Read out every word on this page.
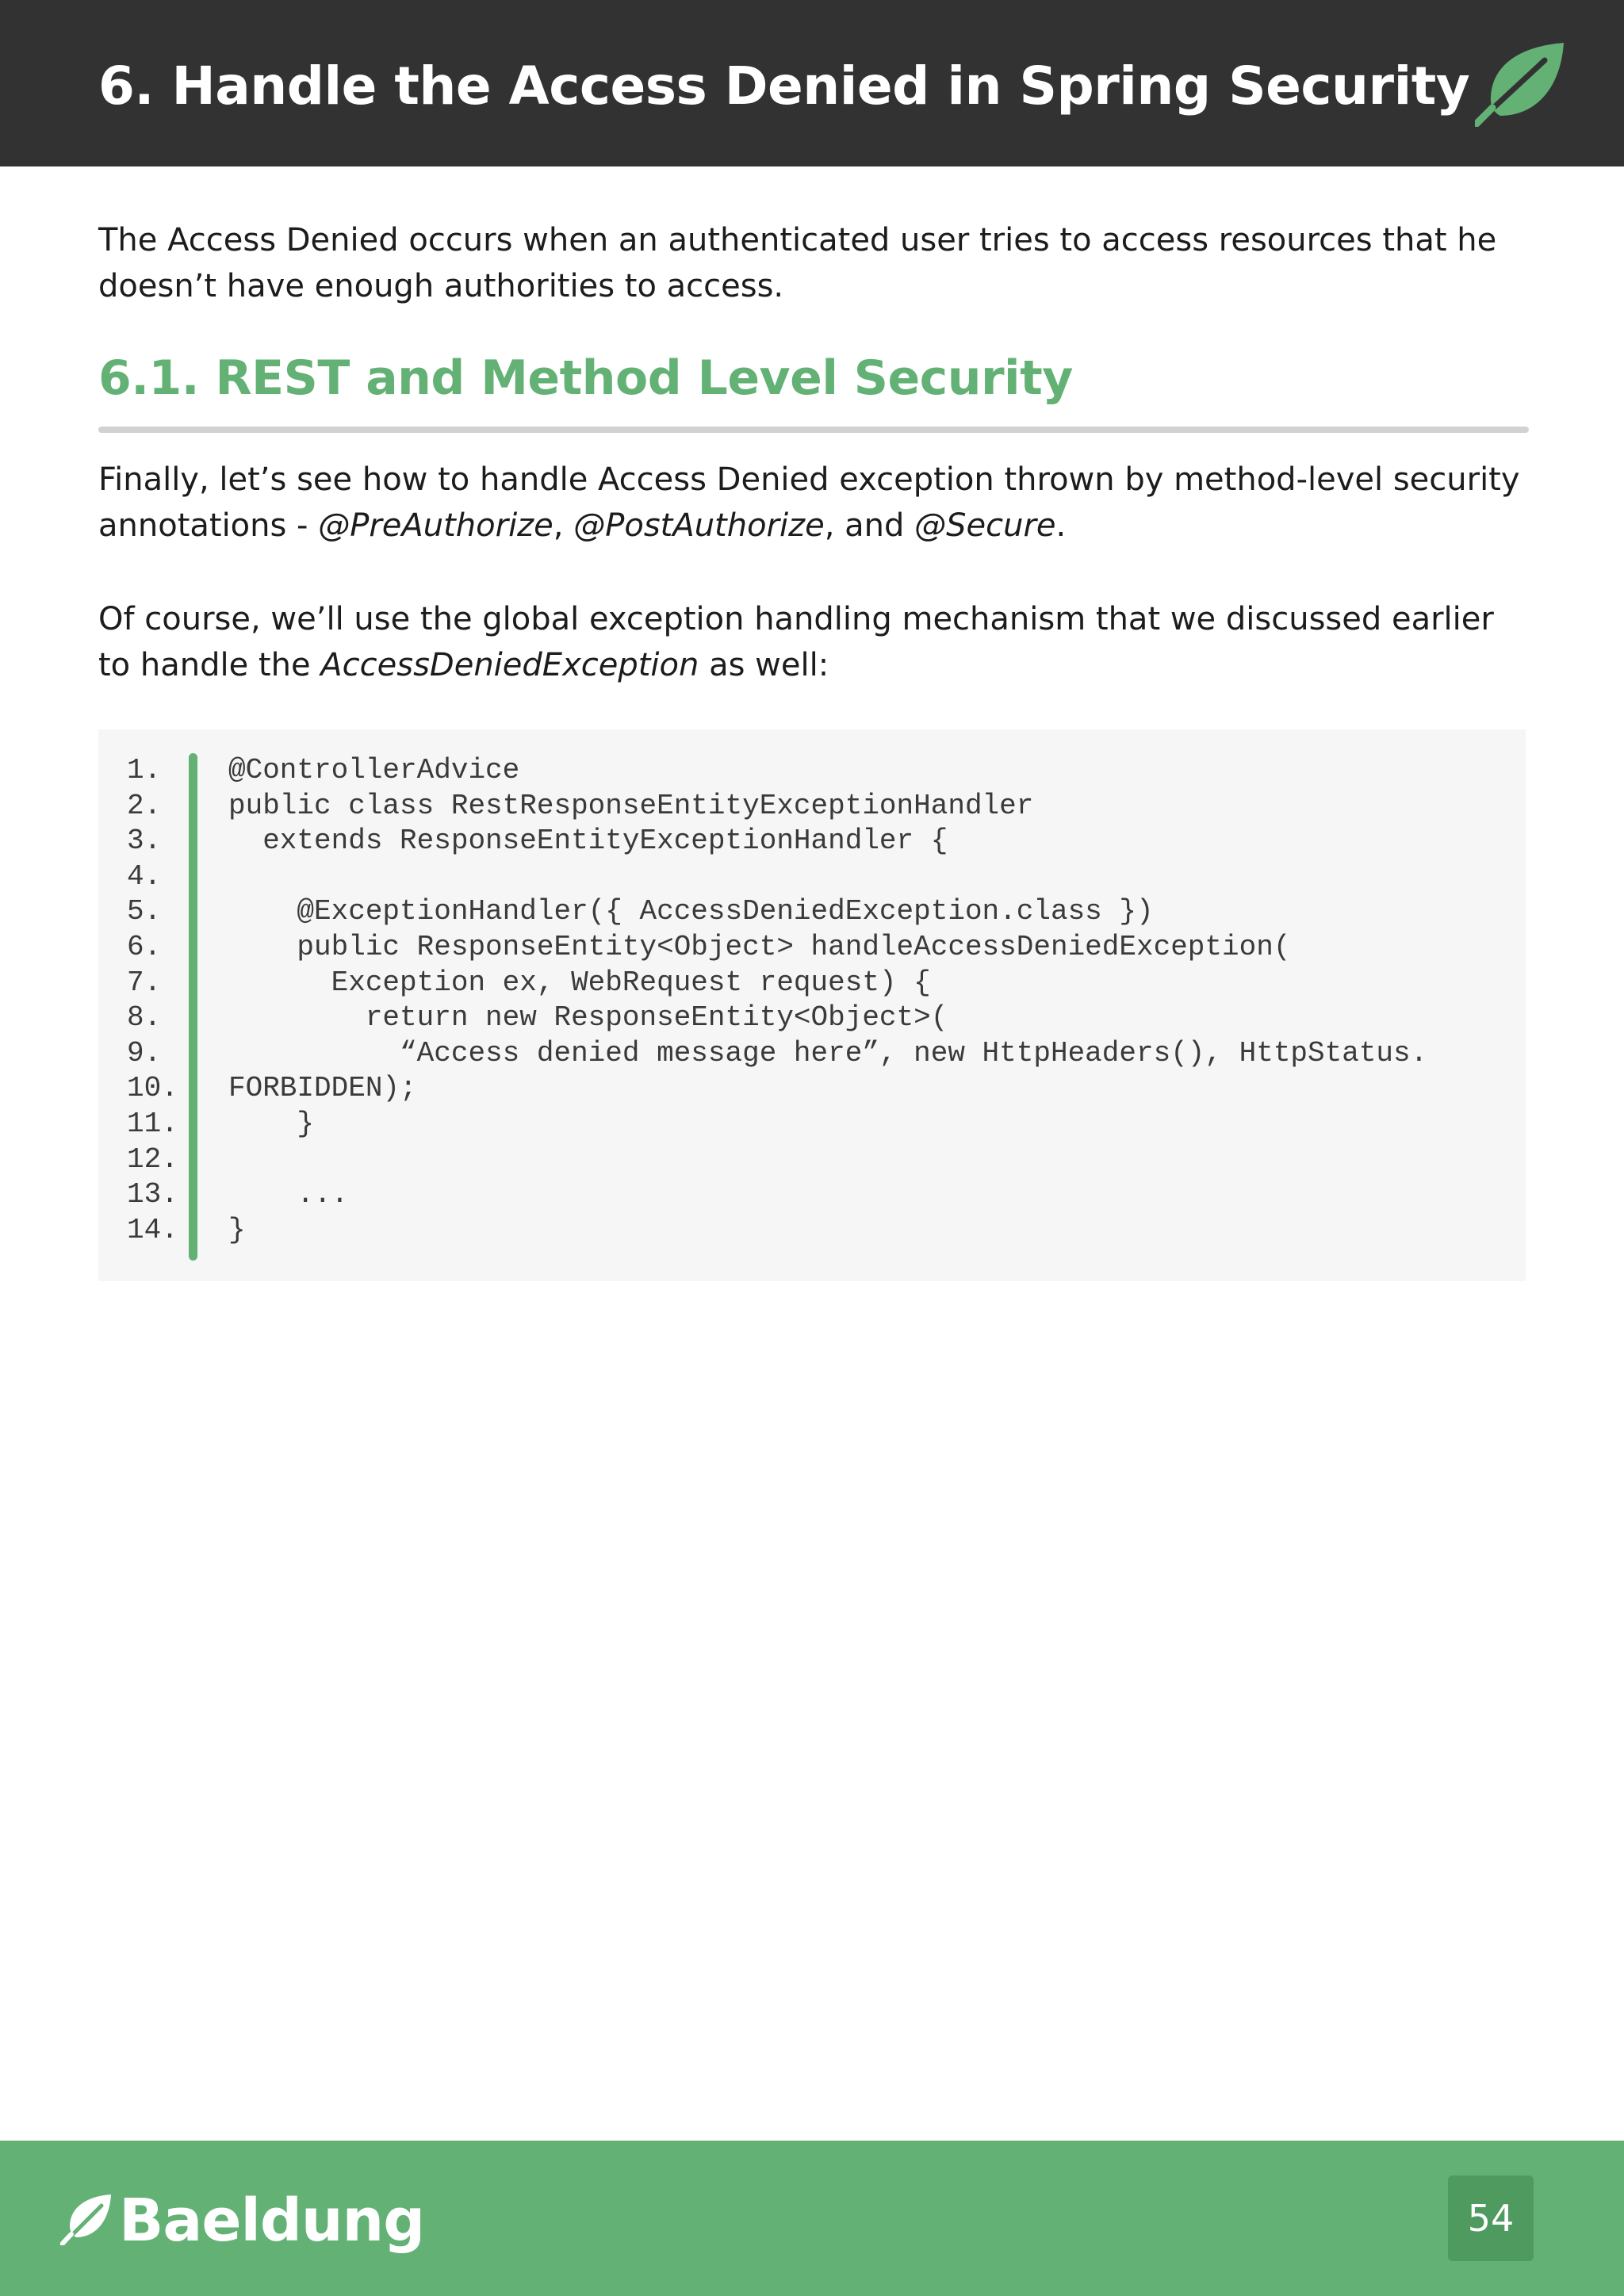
6. Handle the Access Denied in Spring Security

The Access Denied occurs when an authenticated user tries to access resources that he doesn’t have enough authorities to access.

6.1. REST and Method Level Security

Finally, let’s see how to handle Access Denied exception thrown by method-level security annotations - @PreAuthorize, @PostAuthorize, and @Secure.

Of course, we’ll use the global exception handling mechanism that we discussed earlier to handle the AccessDeniedException as well:

1.	@ControllerAdvice
2.	public class RestResponseEntityExceptionHandler
3.	extends ResponseEntityExceptionHandler {
4.
5.	@ExceptionHandler({ AccessDeniedException.class })
6.	public ResponseEntity<Object> handleAccessDeniedException(
7.	Exception ex, WebRequest request) {
8.	return new ResponseEntity<Object>(
9.	“Access denied message here”, new HttpHeaders(), HttpStatus.
10.	FORBIDDEN);
11.	}
12.
13.	...
14.	}

Baeldung	54
